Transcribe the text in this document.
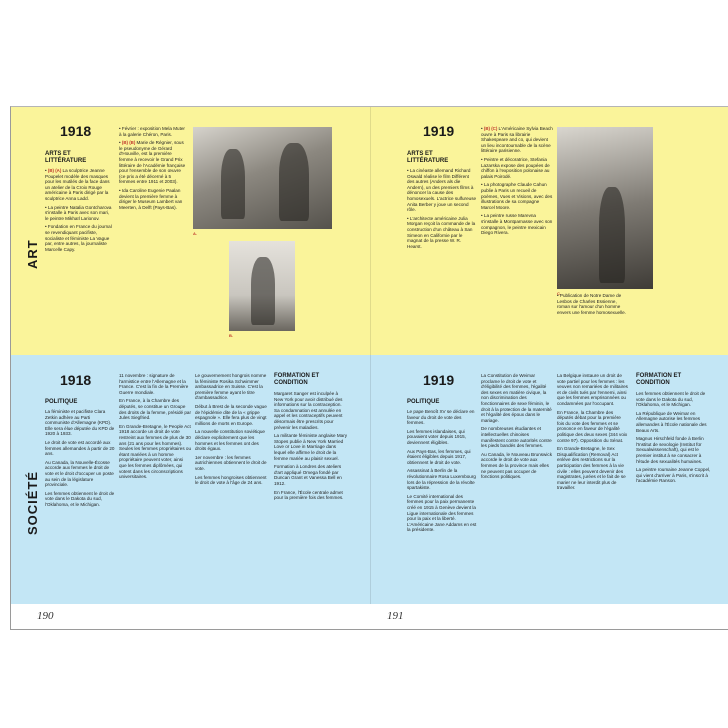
ART
SOCIÉTÉ
1918
ARTS ET LITTÉRATURE
• (B) (A) La sculptrice Jeanne Poupelet modèle des masques pour les mutilés de la face dans un atelier de la Croix Rouge américaine à Paris dirigé par la sculptrice Anna Ladd.
• La peintre Natalia Gontcharova s'installe à Paris avec son mari, le peintre Mikhaïl Larionov.
• Fondation en France du journal se revendiquant pacifiste, socialiste et féministe La Vague par, entre autres, la journaliste Marcelle Capy.
• Février : exposition Mela Muter à la galerie Chéron, Paris.
• (B) (B) Marie de Régnier, sous le pseudonyme de Gérard d'Houville, est la première femme à recevoir le Grand Prix littéraire de l'Académie française pour l'ensemble de son œuvre (ce prix a été décerné à 5 femmes entre 1911 et 2003).
• Ida Caroline Eugenie Paalan devient la première femme à diriger le Museum Lambert van Meerten, à Delft (Pays-Bas).
A.
B.
1919
ARTS ET LITTÉRATURE
• La cinéaste allemand Richard Oswald réalise le film Différent des autres (Anders als die Andern), un des premiers films à dénoncer la cause des homosexuels. L'actrice sulfureuse Anita Berber y joue un second rôle.
• L'architecte américaine Julia Morgan reçoit la commande de la construction d'un château à San Simeon en Californie par le magnat de la presse W. R. Hearst.
• (B) (C) L'Américaine Sylvia Beach ouvre à Paris sa librairie Shakespeare and co, qui devient un lieu incontournable de la scène littéraire parisienne.
• Peintre et décoratrice, Stefania Lazarska expose des poupées de chiffon à l'exposition polonaise au palais Poirodé.
• La photographe Claude Cahun publie à Paris un recueil de poèmes, Vues et Visions, avec des illustrations de sa compagne Marcel Moore.
• La peintre russe Marevna s'installe à Montparnasse avec son compagnon, le peintre mexicain Diego Rivera.
C.
• Publication de Notre Dame de Lesbos de Charles Essienne, roman sur l'amour d'un homme envers une femme homosexuelle.
1918
POLITIQUE
La féministe et pacifiste Clara Zetkin adhère au Parti communiste d'Allemagne (KPD). Elle sera élue députée du KPD de 1920 à 1933.
Le droit de vote est accordé aux femmes allemandes à partir de 20 ans.
Au Canada, la Nouvelle-Écosse accorde aux femmes le droit de vote et le droit d'occuper un poste au sein de la législature provinciale.
Les femmes obtiennent le droit de vote dans le Dakota du sud, l'Oklahoma, et le Michigan.
11 novembre : signature de l'armistice entre l'Allemagne et la France. C'est la fin de la Première Guerre mondiale.
En France, à la Chambre des députés, se constitue un Groupe des droits de la femme, présidé par Jules Siegfried.
En Grande-Bretagne, le People Act 1918 accorde un droit de vote restreint aux femmes de plus de 30 ans (21 ans pour les hommes). Seules les femmes propriétaires ou étant mariées à un homme propriétaire peuvent voter, ainsi que les femmes diplômées, qui votent dans les circonscriptions universitaires.
Le gouvernement hongrois nomme la féministe Rosika Schwimmer ambassadrice en Suisse. C'est la première femme ayant le titre d'ambassadrice.
Début à Brest de la seconde vague de l'épidémie dite de la « grippe espagnole ». Elle fera plus de vingt millions de morts en Europe.
La nouvelle constitution soviétique déclare explicitement que les hommes et les femmes ont des droits égaux.
1er novembre : les femmes autrichiennes obtiennent le droit de vote.
Les femmes hongroises obtiennent le droit de vote à l'âge de 24 ans.
FORMATION ET CONDITION
Margaret Sanger est inculpée à New York pour avoir distribué des informations sur la contraception. Sa condamnation est annulée en appel et les contraceptifs peuvent désormais être prescrits pour prévenir les maladies.
La militante féministe anglaise Mary Stopes publie à New York Married Love or Love in Marriage dans lequel elle affirme le droit de la femme mariée au plaisir sexuel.
Formation à Londres des ateliers d'art appliqué Omega fondé par Duncan Grant et Vanessa Bell en 1912.
En France, l'École centrale admet pour la première fois des femmes.
1919
POLITIQUE
Le pape Benoît XV se déclare en faveur du droit de vote des femmes.
Les femmes islandaises, qui pouvaient voter depuis 1915, deviennent éligibles.
Aux Pays-Bas, les femmes, qui étaient éligibles depuis 1917, obtiennent le droit de vote.
Assassinat à Berlin de la révolutionnaire Rosa Luxembourg lors de la répression de la révolte spartakiste.
Le Comité international des femmes pour la paix permanente créé en 1915 à Genève devient la Ligue internationale des femmes pour la paix et la liberté. L'Américaine Jane Addams en est la présidente.
La Constitution de Weimar proclame le droit de vote et d'éligibilité des femmes, l'égalité des sexes en matière civique, la non discrimination des fonctionnaires de sexe féminin, le droit à la protection de la maternité et l'égalité des époux dans le mariage.
De nombreuses étudiantes et intellectuelles chinoises manifestent contre autorités contre les pieds bandés des femmes.
Au Canada, le Nouveau Brunswick accorde le droit de vote aux femmes de la province mais elles ne peuvent pas occuper de fonctions politiques.
La Belgique instaure un droit de vote partiel pour les femmes : les veuves non remariées de militaires et de civils tués par l'ennemi, ainsi que les femmes emprisonnées ou condamnées par l'occupant.
En France, la Chambre des députés débat pour la première fois du vote des femmes et se prononce en faveur de l'égalité politique des deux sexes (344 voix contre 97). Opposition du Sénat.
En Grande-Bretagne, le Sex Disqualification (Removal) Act enlève des restrictions sur la participation des femmes à la vie civile : elles peuvent devenir des magistrates, jurées et le fait de se marier ne leur interdit plus de travailler.
FORMATION ET CONDITION
Les femmes obtiennent le droit de vote dans le Dakota du sud, l'Oklahoma, et le Michigan.
La République de Weimar en Allemagne autorise les femmes allemandes à l'École nationale des Beaux Arts.
Magnus Hirschfeld fonde à Berlin l'Institut de sexologie (Institut für Sexualwissenschaft), qui est le premier institut à se consacrer à l'étude des sexualités humaines.
La peintre roumaine Jeanne Coppel, qui vient d'arriver à Paris, s'inscrit à l'académie Ranson.
190	191
